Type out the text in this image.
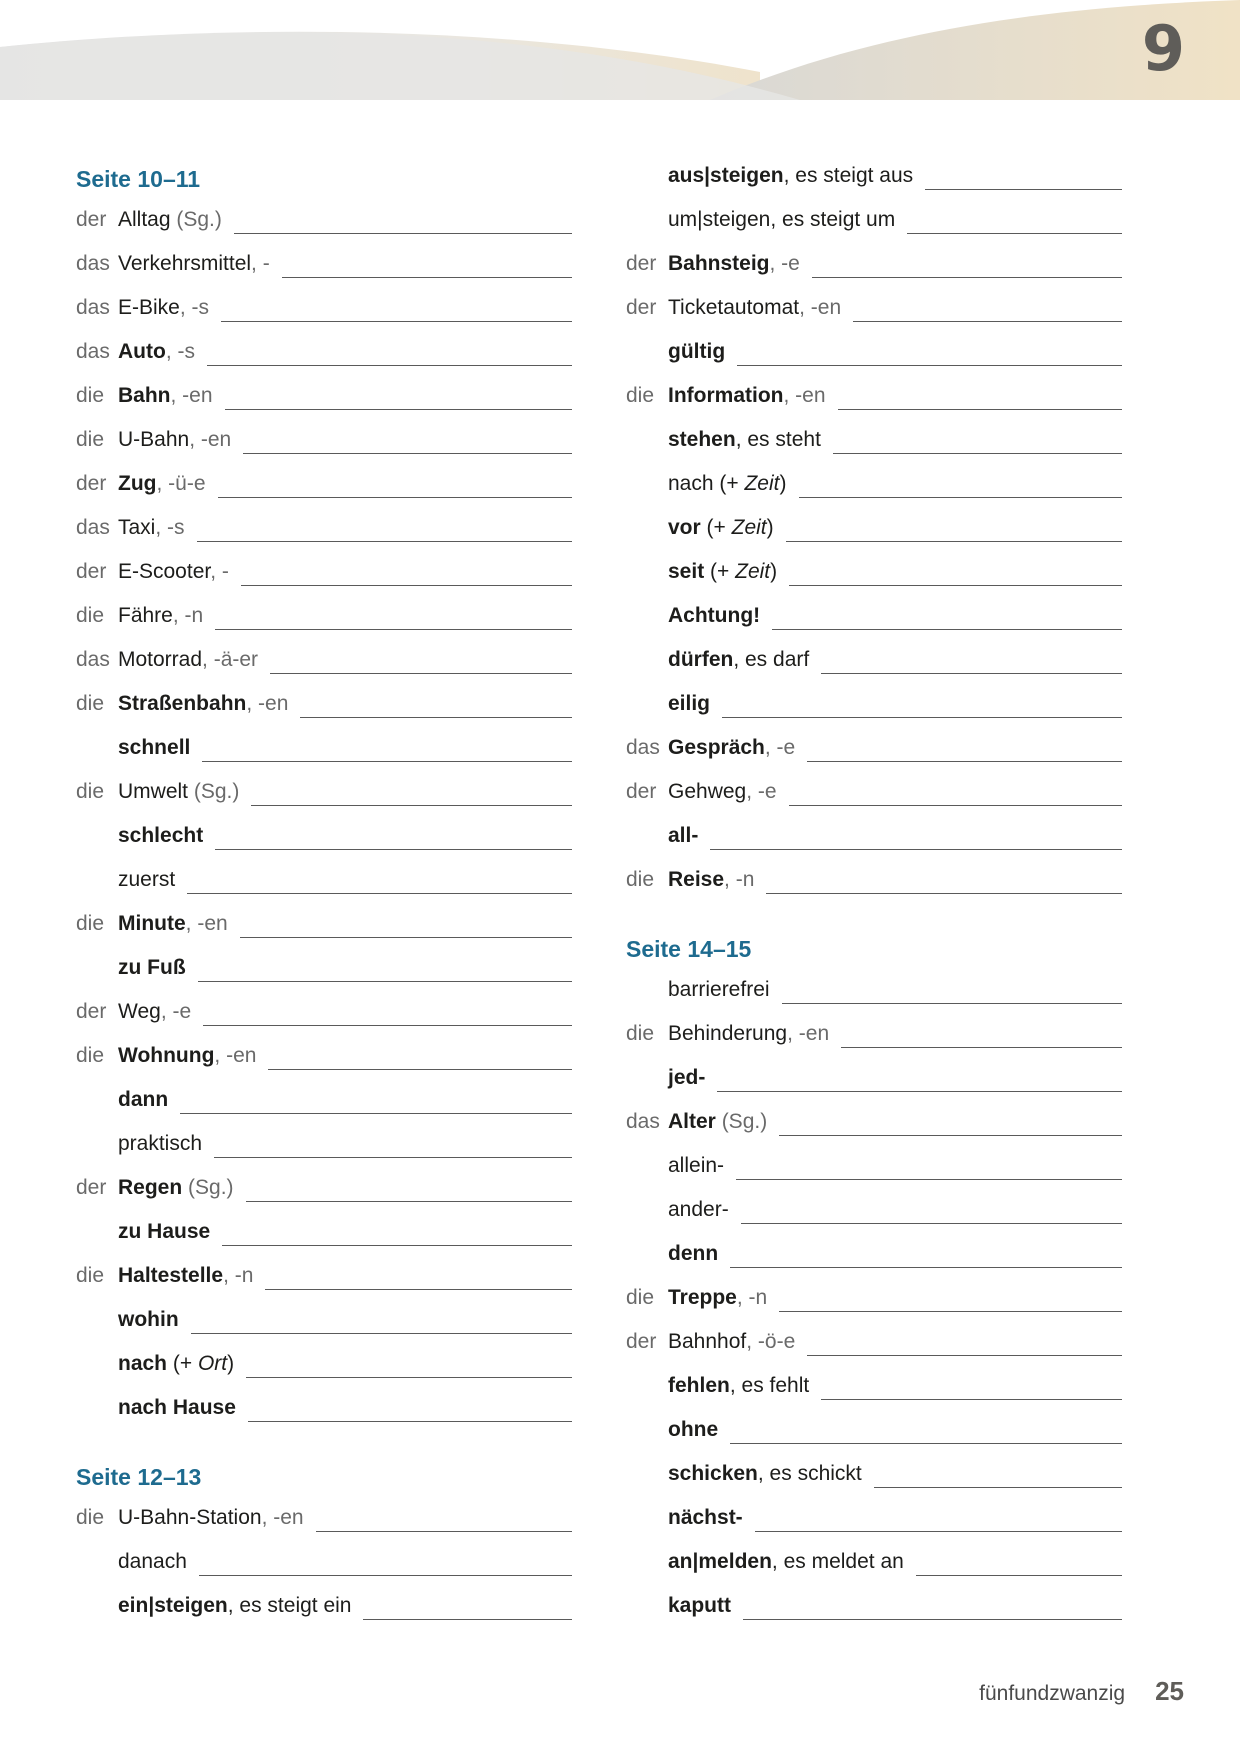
9
Seite 10–11
der Alltag (Sg.)
das Verkehrsmittel, -
das E-Bike, -s
das Auto, -s
die Bahn, -en
die U-Bahn, -en
der Zug, -ü-e
das Taxi, -s
der E-Scooter, -
die Fähre, -n
das Motorrad, -ä-er
die Straßenbahn, -en
schnell
die Umwelt (Sg.)
schlecht
zuerst
die Minute, -en
zu Fuß
der Weg, -e
die Wohnung, -en
dann
praktisch
der Regen (Sg.)
zu Hause
die Haltestelle, -n
wohin
nach (+ Ort)
nach Hause
Seite 12–13
die U-Bahn-Station, -en
danach
ein|steigen, es steigt ein
aus|steigen, es steigt aus
um|steigen, es steigt um
der Bahnsteig, -e
der Ticketautomat, -en
gültig
die Information, -en
stehen, es steht
nach (+ Zeit)
vor (+ Zeit)
seit (+ Zeit)
Achtung!
dürfen, es darf
eilig
das Gespräch, -e
der Gehweg, -e
all-
die Reise, -n
Seite 14–15
barrierefrei
die Behinderung, -en
jed-
das Alter (Sg.)
allein-
ander-
denn
die Treppe, -n
der Bahnhof, -ö-e
fehlen, es fehlt
ohne
schicken, es schickt
nächst-
an|melden, es meldet an
kaputt
fünfundzwanzig 25
